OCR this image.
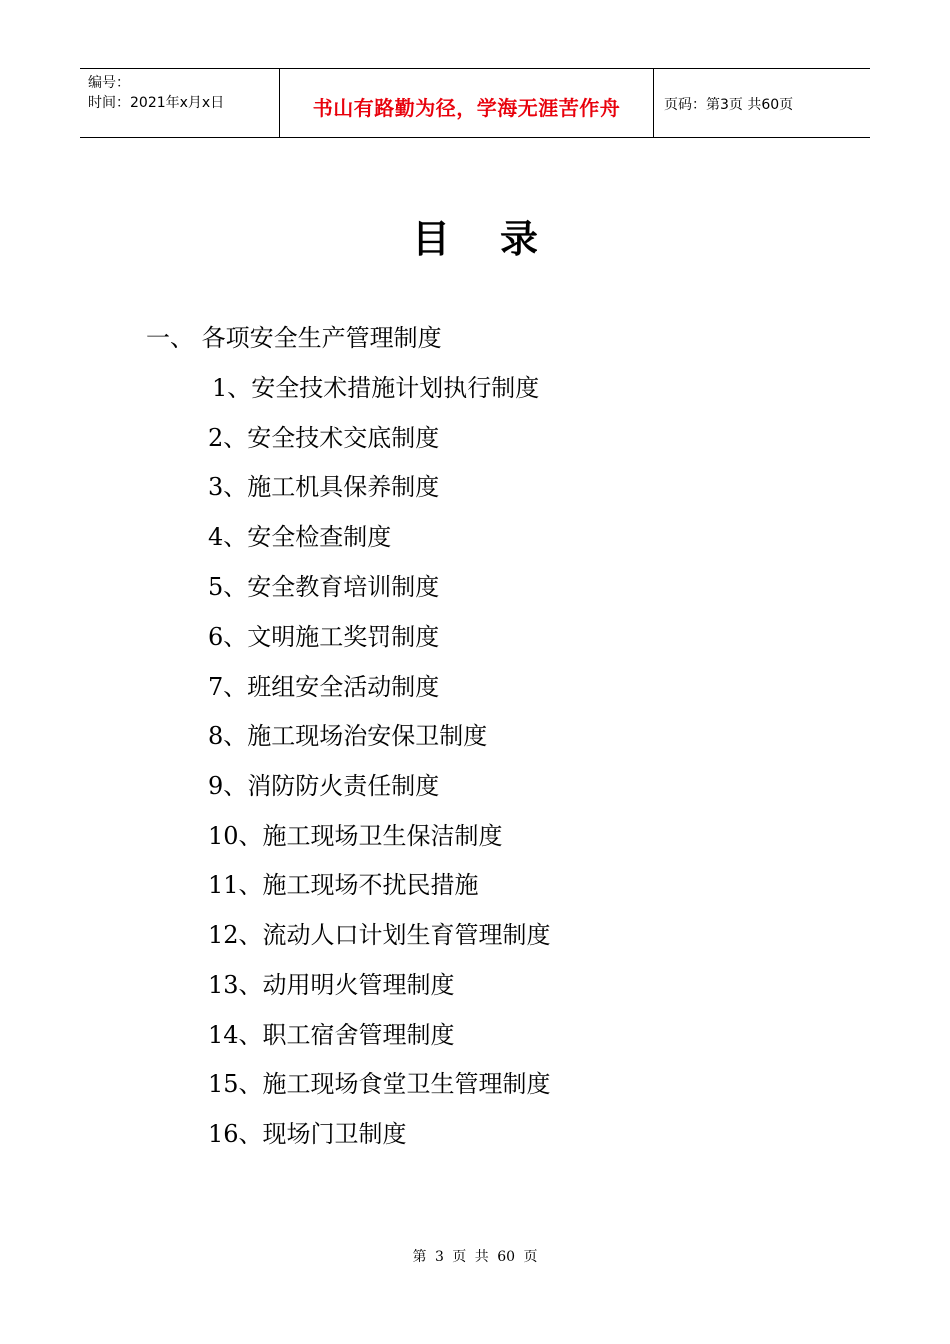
编号：
时间：2021年x月x日	书山有路勤为径，学海无涯苦作舟	页码：第3页 共60页
目录
一、 各项安全生产管理制度
1、安全技术措施计划执行制度
2、安全技术交底制度
3、施工机具保养制度
4、安全检查制度
5、安全教育培训制度
6、文明施工奖罚制度
7、班组安全活动制度
8、施工现场治安保卫制度
9、消防防火责任制度
10、施工现场卫生保洁制度
11、施工现场不扰民措施
12、流动人口计划生育管理制度
13、动用明火管理制度
14、职工宿舍管理制度
15、施工现场食堂卫生管理制度
16、现场门卫制度
第 3 页 共 60 页
